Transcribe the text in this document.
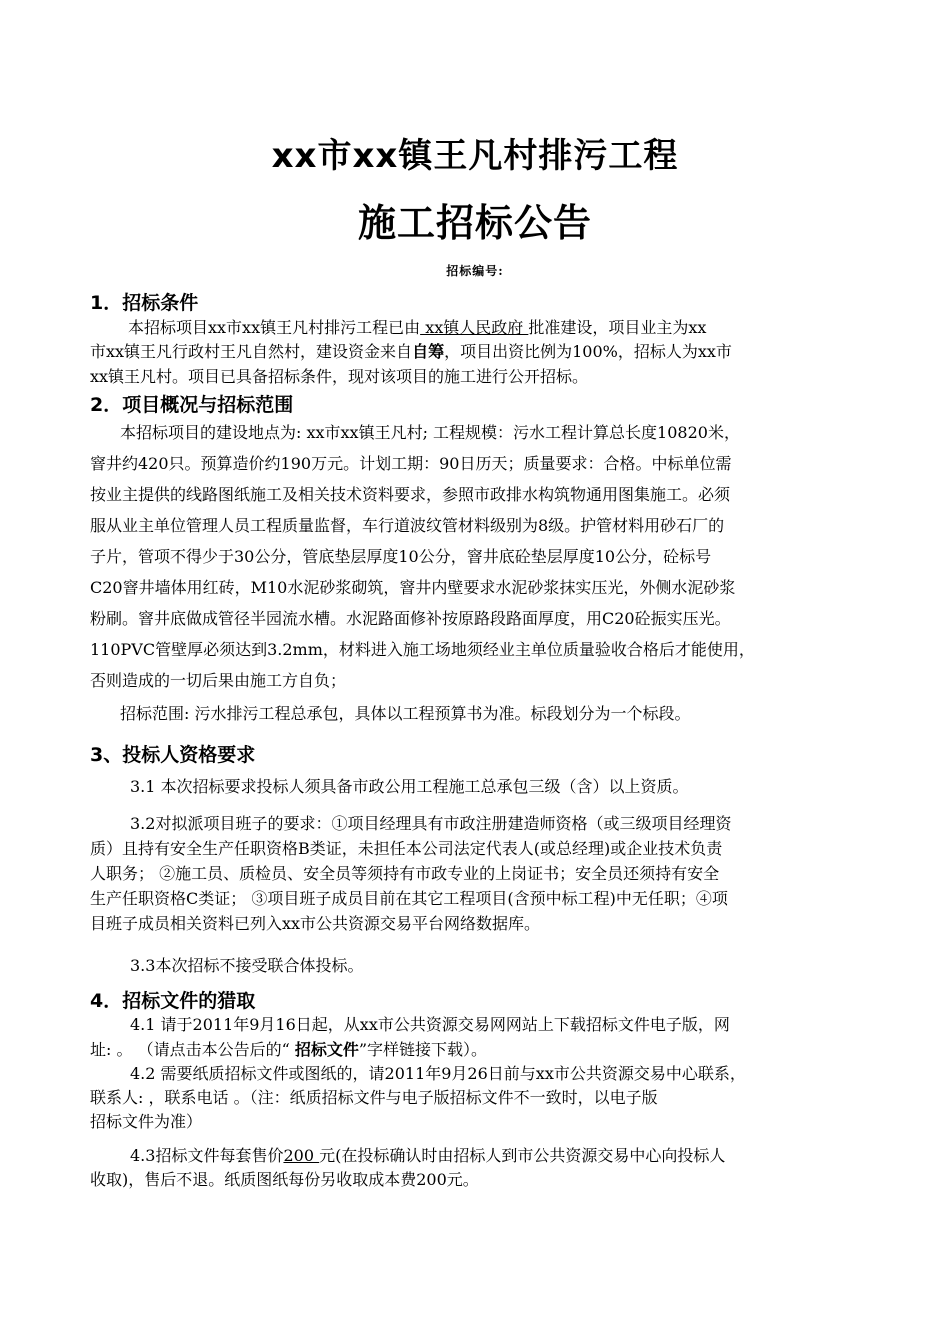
xx市xx镇王凡村排污工程
施工招标公告
招标编号:
1．招标条件
本招标项目xx市xx镇王凡村排污工程已由 xx镇人民政府 批准建设，项目业主为xx
市xx镇王凡行政村王凡自然村，建设资金来自自筹，项目出资比例为100%，招标人为xx市
xx镇王凡村。项目已具备招标条件，现对该项目的施工进行公开招标。
2．项目概况与招标范围
本招标项目的建设地点为: xx市xx镇王凡村; 工程规模：污水工程计算总长度10820米，
窨井约420只。预算造价约190万元。计划工期：90日历天；质量要求：合格。中标单位需
按业主提供的线路图纸施工及相关技术资料要求，参照市政排水构筑物通用图集施工。必须
服从业主单位管理人员工程质量监督，车行道波纹管材料级别为8级。护管材料用砂石厂的
子片，管项不得少于30公分，管底垫层厚度10公分，窨井底砼垫层厚度10公分，砼标号
C20窨井墙体用红砖，M10水泥砂浆砌筑，窨井内壁要求水泥砂浆抹实压光，外侧水泥砂浆
粉刷。窨井底做成管径半园流水槽。水泥路面修补按原路段路面厚度，用C20砼振实压光。
110PVC管壁厚必须达到3.2mm，材料进入施工场地须经业主单位质量验收合格后才能使用，
否则造成的一切后果由施工方自负；
招标范围: 污水排污工程总承包，具体以工程预算书为准。标段划分为一个标段。
3、投标人资格要求
3.1 本次招标要求投标人须具备市政公用工程施工总承包三级（含）以上资质。
3.2对拟派项目班子的要求：①项目经理具有市政注册建造师资格（或三级项目经理资
质）且持有安全生产任职资格B类证，未担任本公司法定代表人(或总经理)或企业技术负责
人职务； ②施工员、质检员、安全员等须持有市政专业的上岗证书；安全员还须持有安全
生产任职资格C类证； ③项目班子成员目前在其它工程项目(含预中标工程)中无任职；④项
目班子成员相关资料已列入xx市公共资源交易平台网络数据库。
3.3本次招标不接受联合体投标。
4．招标文件的猎取
4.1 请于2011年9月16日起，从xx市公共资源交易网网站上下载招标文件电子版，网
址: 。 （请点击本公告后的“ 招标文件”字样链接下载）。
4.2 需要纸质招标文件或图纸的，请2011年9月26日前与xx市公共资源交易中心联系，
联系人: ，联系电话 。（注：纸质招标文件与电子版招标文件不一致时，以电子版
招标文件为准）
4.3招标文件每套售价200 元(在投标确认时由招标人到市公共资源交易中心向投标人
收取)，售后不退。纸质图纸每份另收取成本费200元。
